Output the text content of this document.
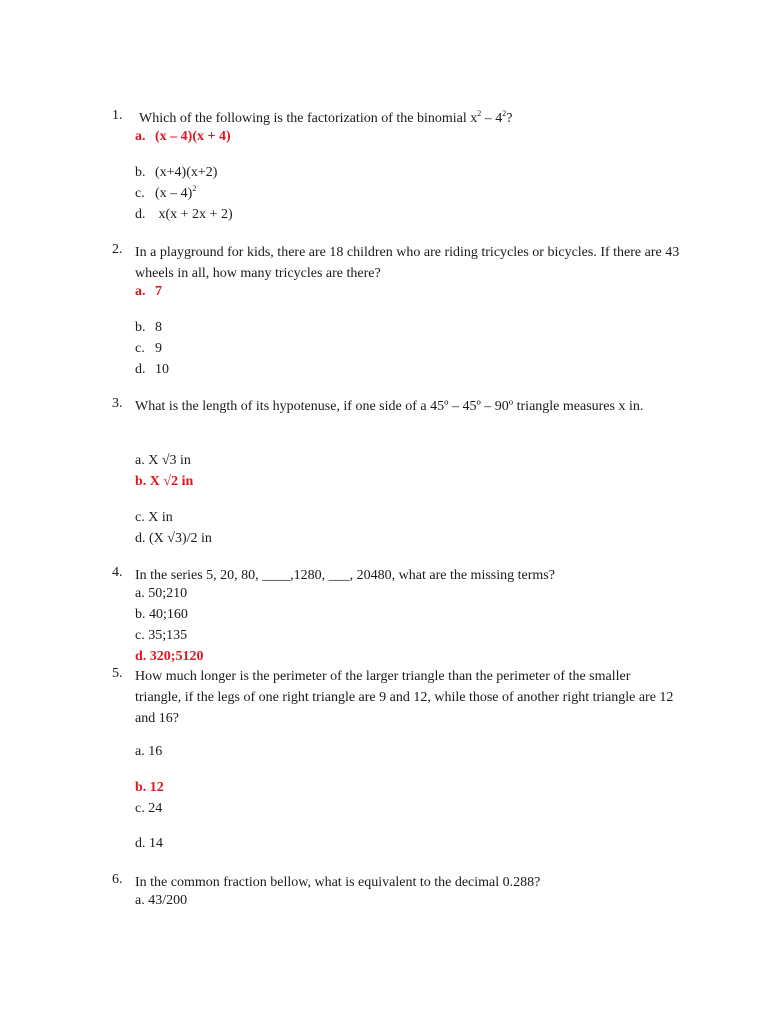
1. Which of the following is the factorization of the binomial $x^2 - 4^2$?
a. (x – 4)(x + 4)
b. (x+4)(x+2)
c. (x – 4)$^2$
d. x(x + 2x + 2)
2. In a playground for kids, there are 18 children who are riding tricycles or bicycles. If there are 43 wheels in all, how many tricycles are there?
a. 7
b. 8
c. 9
d. 10
3. What is the length of its hypotenuse, if one side of a 45º – 45º – 90º triangle measures x in.
a. X √3 in
b. X √2 in
c. X in
d. (X √3)/2 in
4. In the series 5, 20, 80, ____,1280, ___, 20480, what are the missing terms?
a. 50;210
b. 40;160
c. 35;135
d. 320;5120
5. How much longer is the perimeter of the larger triangle than the perimeter of the smaller triangle, if the legs of one right triangle are 9 and 12, while those of another right triangle are 12 and 16?
a. 16
b. 12
c. 24
d. 14
6. In the common fraction bellow, what is equivalent to the decimal 0.288?
a. 43/200
